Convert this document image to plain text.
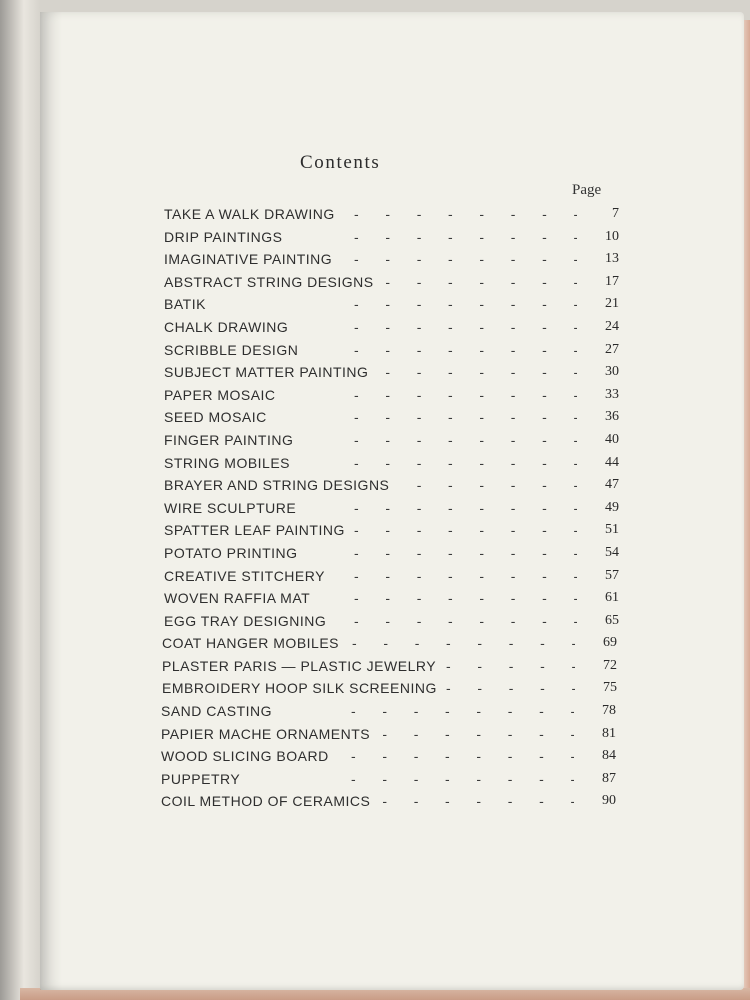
Contents
Page
- - -
TAKE A WALK DRAWING	7
- - -
DRIP PAINTINGS	10
- - -
IMAGINATIVE PAINTING	13
- - -
ABSTRACT STRING DESIGNS	17
- - -
BATIK	21
- - -
CHALK DRAWING	24
- - -
SCRIBBLE DESIGN	27
- - -
SUBJECT MATTER PAINTING	30
- - -
PAPER MOSAIC	33
- - -
SEED MOSAIC	36
- - -
FINGER PAINTING	40
- - -
STRING MOBILES	44
- - -
BRAYER AND STRING DESIGNS	47
- - -
WIRE SCULPTURE	49
- - -
SPATTER LEAF PAINTING	51
- - -
POTATO PRINTING	54
- - -
CREATIVE STITCHERY	57
- - -
WOVEN RAFFIA MAT	61
- - -
EGG TRAY DESIGNING	65
- - -
COAT HANGER MOBILES	69
- - -
PLASTER PARIS — PLASTIC JEWELRY	72
- - -
EMBROIDERY HOOP SILK SCREENING	75
- - -
SAND CASTING	78
- - -
PAPIER MACHE ORNAMENTS	81
- - -
WOOD SLICING BOARD	84
- - -
PUPPETRY	87
- - -
COIL METHOD OF CERAMICS	90
